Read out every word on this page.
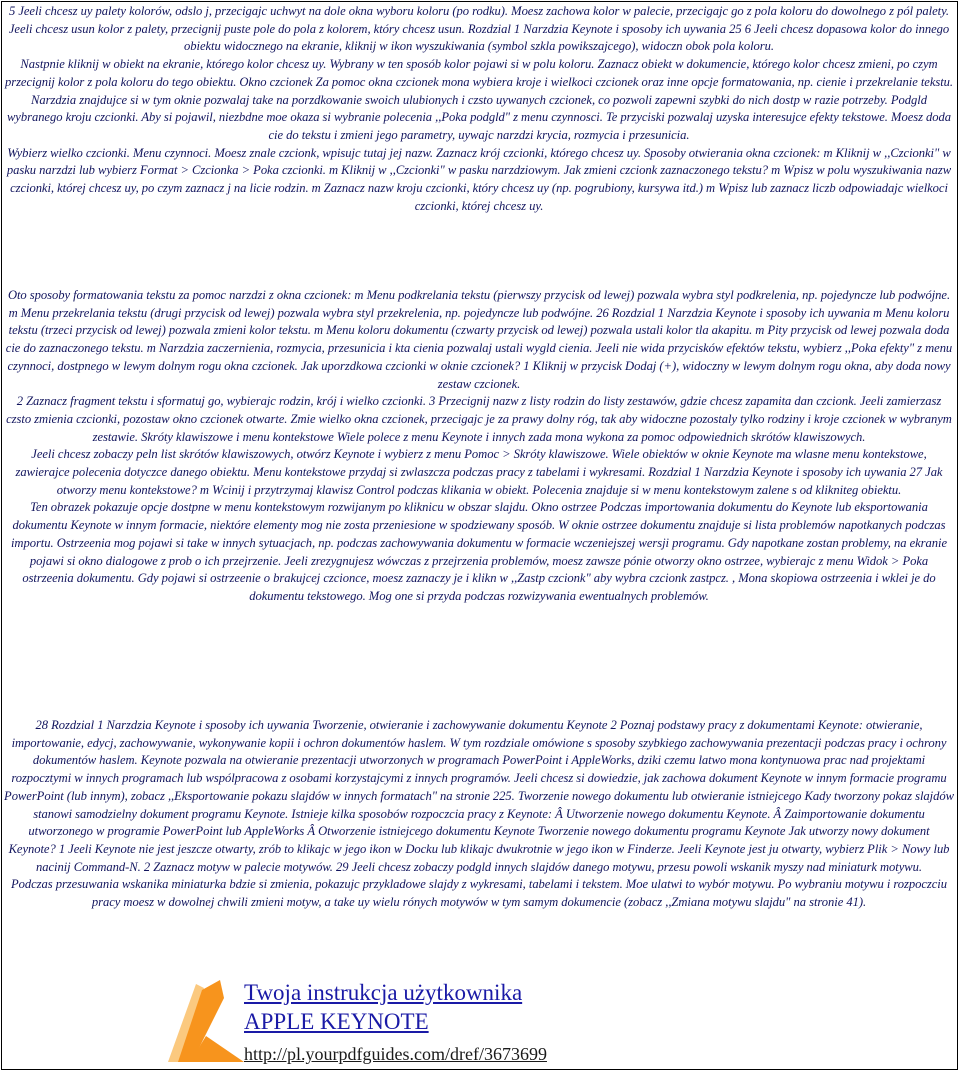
5 Jeeli chcesz uy palety kolorów, odslo j, przecigajc uchwyt na dole okna wyboru koloru (po rodku). Moesz zachowa kolor w palecie, przecigajc go z pola koloru do dowolnego z pól palety. Jeeli chcesz usun kolor z palety, przecignij puste pole do pola z kolorem, który chcesz usun. Rozdzial 1 Narzdzia Keynote i sposoby ich uywania 25 6 Jeeli chcesz dopasowa kolor do innego obiektu widocznego na ekranie, kliknij w ikon wyszukiwania (symbol szkla powikszajcego), widoczn obok pola koloru.

Nastpnie kliknij w obiekt na ekranie, którego kolor chcesz uy. Wybrany w ten sposób kolor pojawi si w polu koloru. Zaznacz obiekt w dokumencie, którego kolor chcesz zmieni, po czym przecignij kolor z pola koloru do tego obiektu. Okno czcionek Za pomoc okna czcionek mona wybiera kroje i wielkoci czcionek oraz inne opcje formatowania, np. cienie i przekrelanie tekstu.

Narzdzia znajdujce si w tym oknie pozwalaj take na porzdkowanie swoich ulubionych i czsto uywanych czcionek, co pozwoli zapewni szybki do nich dostp w razie potrzeby. Podgld wybranego kroju czcionki. Aby si pojawil, niezbdne moe okaza si wybranie polecenia ,,Poka podgld" z menu czynnosci. Te przyciski pozwalaj uzyska interesujce efekty tekstowe. Moesz doda cie do tekstu i zmieni jego parametry, uywajc narzdzi krycia, rozmycia i przesunicia.

Wybierz wielko czcionki. Menu czynnoci. Moesz znale czcionk, wpisujc tutaj jej nazw. Zaznacz krój czcionki, którego chcesz uy. Sposoby otwierania okna czcionek: m Kliknij w ,,Czcionki" w pasku narzdzi lub wybierz Format > Czcionka > Poka czcionki. m Kliknij w ,,Czcionki" w pasku narzdziowym. Jak zmieni czcionk zaznaczonego tekstu? m Wpisz w polu wyszukiwania nazw czcionki, której chcesz uy, po czym zaznacz j na licie rodzin. m Zaznacz nazw kroju czcionki, który chcesz uy (np. pogrubiony, kursywa itd.) m Wpisz lub zaznacz liczb odpowiadajc wielkoci czcionki, której chcesz uy.

Oto sposoby formatowania tekstu za pomoc narzdzi z okna czcionek: m Menu podkrelania tekstu (pierwszy przycisk od lewej) pozwala wybra styl podkrelenia, np. pojedyncze lub podwójne. m Menu przekrelania tekstu (drugi przycisk od lewej) pozwala wybra styl przekrelenia, np. pojedyncze lub podwójne. 26 Rozdzial 1 Narzdzia Keynote i sposoby ich uywania m Menu koloru tekstu (trzeci przycisk od lewej) pozwala zmieni kolor tekstu. m Menu koloru dokumentu (czwarty przycisk od lewej) pozwala ustali kolor tla akapitu. m Pity przycisk od lewej pozwala doda cie do zaznaczonego tekstu. m Narzdzia zaczernienia, rozmycia, przesunicia i kta cienia pozwalaj ustali wygld cienia. Jeeli nie wida przycisków efektów tekstu, wybierz ,,Poka efekty" z menu czynnoci, dostpnego w lewym dolnym rogu okna czcionek. Jak uporzdkowa czcionki w oknie czcionek? 1 Kliknij w przycisk Dodaj (+), widoczny w lewym dolnym rogu okna, aby doda nowy zestaw czcionek.

2 Zaznacz fragment tekstu i sformatuj go, wybierajc rodzin, krój i wielko czcionki. 3 Przecignij nazw z listy rodzin do listy zestawów, gdzie chcesz zapamita dan czcionk. Jeeli zamierzasz czsto zmienia czcionki, pozostaw okno czcionek otwarte. Zmie wielko okna czcionek, przecigajc je za prawy dolny róg, tak aby widoczne pozostaly tylko rodziny i kroje czcionek w wybranym zestawie. Skróty klawiszowe i menu kontekstowe Wiele polece z menu Keynote i innych zada mona wykona za pomoc odpowiednich skrótów klawiszowych.

Jeeli chcesz zobaczy peln list skrótów klawiszowych, otwórz Keynote i wybierz z menu Pomoc > Skróty klawiszowe. Wiele obiektów w oknie Keynote ma wlasne menu kontekstowe, zawierajce polecenia dotyczce danego obiektu. Menu kontekstowe przydaj si zwlaszcza podczas pracy z tabelami i wykresami. Rozdzial 1 Narzdzia Keynote i sposoby ich uywania 27 Jak otworzy menu kontekstowe? m Wcinij i przytrzymaj klawisz Control podczas klikania w obiekt. Polecenia znajduje si w menu kontekstowym zalene s od klikniteg obiektu.

Ten obrazek pokazuje opcje dostpne w menu kontekstowym rozwijanym po kliknicu w obszar slajdu. Okno ostrzee Podczas importowania dokumentu do Keynote lub eksportowania dokumentu Keynote w innym formacie, niektóre elementy mog nie zosta przeniesione w spodziewany sposób. W oknie ostrzee dokumentu znajduje si lista problemów napotkanych podczas importu. Ostrzeenia mog pojawi si take w innych sytuacjach, np. podczas zachowywania dokumentu w formacie wczeniejszej wersji programu. Gdy napotkane zostan problemy, na ekranie pojawi si okno dialogowe z prob o ich przejrzenie. Jeeli zrezygnujesz wówczas z przejrzenia problemów, moesz zawsze pónie otworzy okno ostrzee, wybierajc z menu Widok > Poka ostrzeenia dokumentu. Gdy pojawi si ostrzeenie o brakujcej czcionce, moesz zaznaczy je i klikn w ,,Zastp czcionk" aby wybra czcionk zastpcz. , Mona skopiowa ostrzeenia i wklei je do dokumentu tekstowego. Mog one si przyda podczas rozwizywania ewentualnych problemów.

28 Rozdzial 1 Narzdzia Keynote i sposoby ich uywania Tworzenie, otwieranie i zachowywanie dokumentu Keynote 2 Poznaj podstawy pracy z dokumentami Keynote: otwieranie, importowanie, edycj, zachowywanie, wykonywanie kopii i ochron dokumentów haslem. W tym rozdziale omówione s sposoby szybkiego zachowywania prezentacji podczas pracy i ochrony dokumentów haslem. Keynote pozwala na otwieranie prezentacji utworzonych w programach PowerPoint i AppleWorks, dziki czemu latwo mona kontynuowa prac nad projektami rozpocztymi w innych programach lub wspólpracowa z osobami korzystajcymi z innych programów. Jeeli chcesz si dowiedzie, jak zachowa dokument Keynote w innym formacie programu PowerPoint (lub innym), zobacz ,,Eksportowanie pokazu slajdów w innych formatach" na stronie 225. Tworzenie nowego dokumentu lub otwieranie istniejcego Kady tworzony pokaz slajdów stanowi samodzielny dokument programu Keynote. Istnieje kilka sposobów rozpoczcia pracy z Keynote: Â Utworzenie nowego dokumentu Keynote. Â Zaimportowanie dokumentu utworzonego w programie PowerPoint lub AppleWorks Â Otworzenie istniejcego dokumentu Keynote Tworzenie nowego dokumentu programu Keynote Jak utworzy nowy dokument Keynote? 1 Jeeli Keynote nie jest jeszcze otwarty, zrób to klikajc w jego ikon w Docku lub klikajc dwukrotnie w jego ikon w Finderze. Jeeli Keynote jest ju otwarty, wybierz Plik > Nowy lub nacinij Command-N. 2 Zaznacz motyw w palecie motywów. 29 Jeeli chcesz zobaczy podgld innych slajdów danego motywu, przesu powoli wskanik myszy nad miniaturk motywu.

Podczas przesuwania wskanika miniaturka bdzie si zmienia, pokazujc przykladowe slajdy z wykresami, tabelami i tekstem. Moe ulatwi to wybór motywu. Po wybraniu motywu i rozpoczciu pracy moesz w dowolnej chwili zmieni motyw, a take uy wielu rónych motywów w tym samym dokumencie (zobacz ,,Zmiana motywu slajdu" na stronie 41).

Twoja instrukcja użytkownika
APPLE KEYNOTE
http://pl.yourpdfguides.com/dref/3673699
